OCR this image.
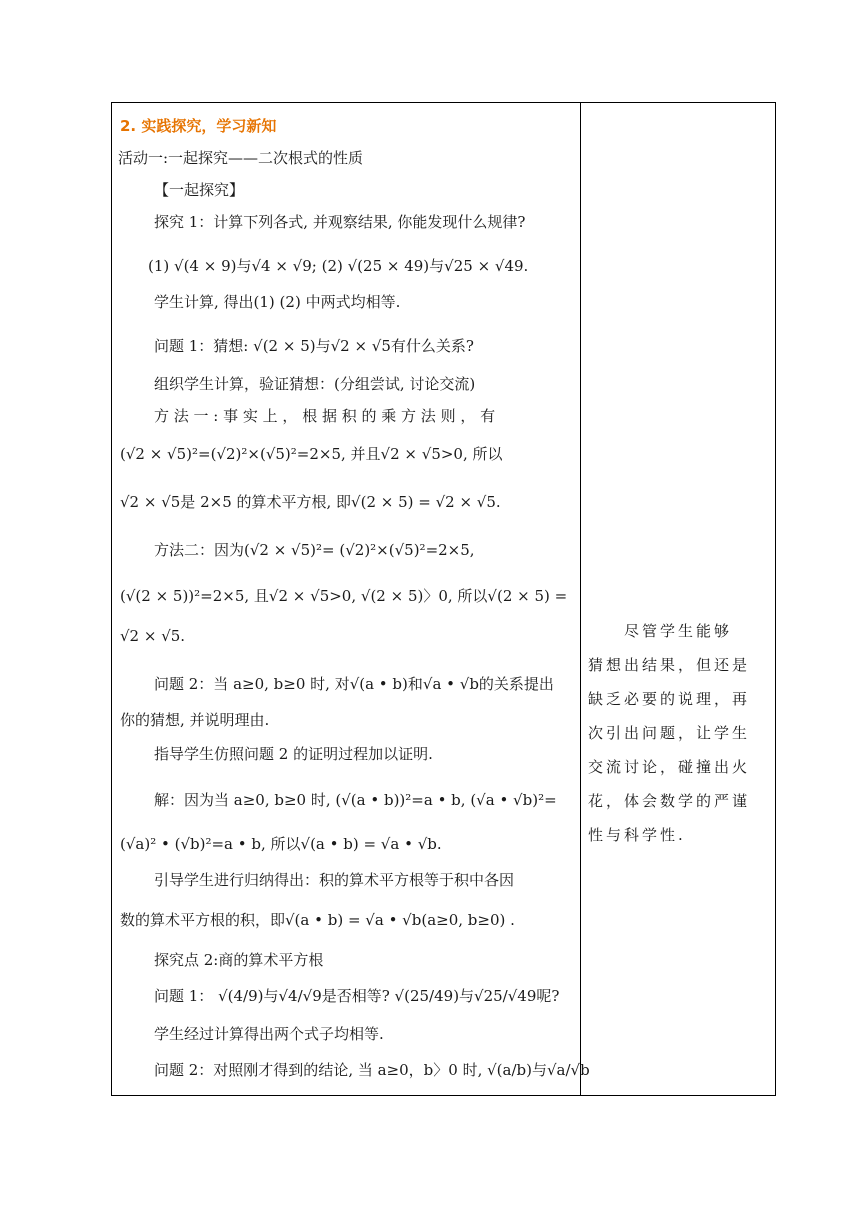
2. 实践探究，学习新知
活动一:一起探究——二次根式的性质
【一起探究】
探究 1：计算下列各式, 并观察结果, 你能发现什么规律?
(1) √(4 × 9)与√4 × √9; (2) √(25 × 49)与√25 × √49.
学生计算, 得出(1) (2) 中两式均相等.
问题 1：猜想: √(2 × 5)与√2 × √5有什么关系?
组织学生计算，验证猜想：(分组尝试, 讨论交流)
方 法 一 : 事 实 上 ， 根 据 积 的 乘 方 法 则 ， 有
(√2 × √5)²=(√2)²×(√5)²=2×5, 并且√2 × √5>0, 所以
√2 × √5是 2×5 的算术平方根, 即√(2 × 5) = √2 × √5.
方法二：因为(√2 × √5)²= (√2)²×(√5)²=2×5,
(√(2 × 5))²=2×5, 且√2 × √5>0, √(2 × 5)〉0, 所以√(2 × 5) =
√2 × √5.
问题 2：当 a≥0, b≥0 时, 对√(a • b)和√a • √b的关系提出
你的猜想, 并说明理由.
指导学生仿照问题 2 的证明过程加以证明.
解：因为当 a≥0, b≥0 时, (√(a • b))²=a • b, (√a • √b)²=
(√a)² • (√b)²=a • b, 所以√(a • b) = √a • √b.
引导学生进行归纳得出：积的算术平方根等于积中各因
数的算术平方根的积，即√(a • b) = √a • √b(a≥0, b≥0) .
探究点 2:商的算术平方根
问题 1： √(4/9)与√4/√9是否相等? √(25/49)与√25/√49呢?
学生经过计算得出两个式子均相等.
问题 2：对照刚才得到的结论, 当 a≥0，b〉0 时, √(a/b)与√a/√b
　　尽管学生能够
猜想出结果，但还是
缺乏必要的说理，再
次引出问题，让学生
交流讨论，碰撞出火
花，体会数学的严谨
性与科学性.
